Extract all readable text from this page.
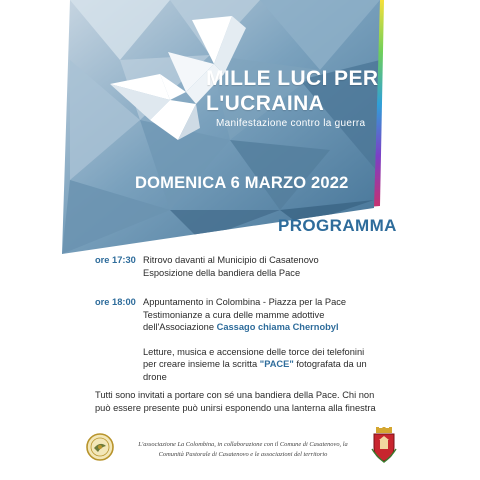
MILLE LUCI PER
L'UCRAINA
Manifestazione contro la guerra
DOMENICA 6 MARZO 2022
PROGRAMMA
ore 17:30 Ritrovo davanti al Municipio di Casatenovo
Esposizione della bandiera della Pace
ore 18:00 Appuntamento in Colombina - Piazza per la Pace
Testimonianze a cura delle mamme adottive
dell'Associazione Cassago chiama Chernobyl
Letture, musica e accensione delle torce dei telefonini
per creare insieme la scritta "PACE" fotografata da un
drone
Tutti sono invitati a portare con sé una bandiera della Pace. Chi non
può essere presente può unirsi esponendo una lanterna alla finestra
L'associazione La Colombina, in collaborazione con il Comune di Casatenovo, la
Comunità Pastorale di Casatenovo e le associazioni del territorio
